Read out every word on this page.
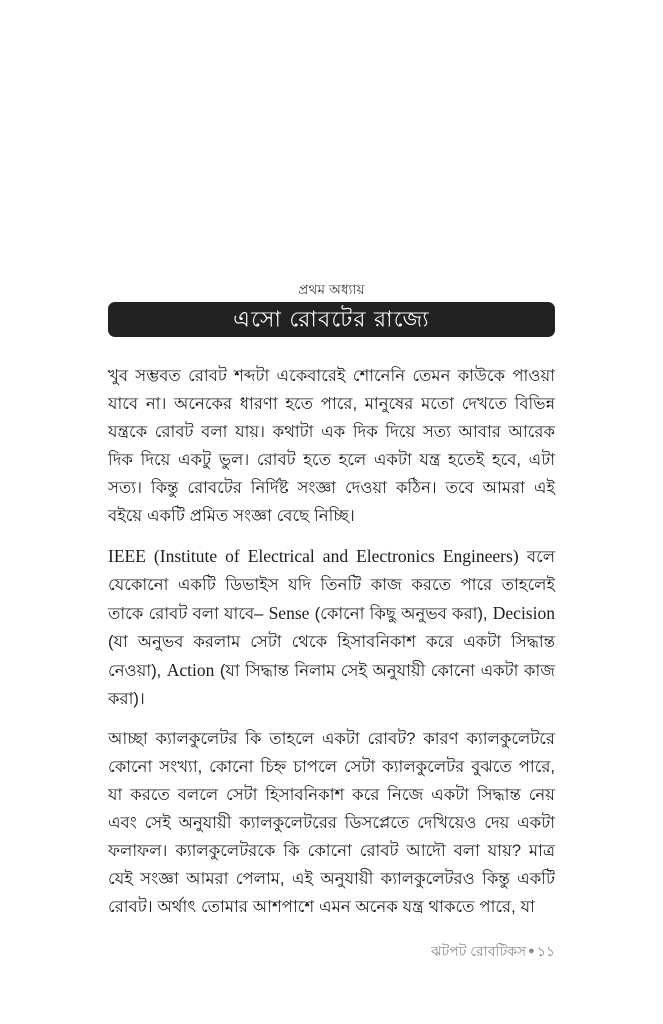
প্রথম অধ্যায়
এসো রোবটের রাজ্যে

খুব সম্ভবত রোবট শব্দটা একেবারেই শোনেনি তেমন কাউকে পাওয়া যাবে না। অনেকের ধারণা হতে পারে, মানুষের মতো দেখতে বিভিন্ন যন্ত্রকে রোবট বলা যায়। কথাটা এক দিক দিয়ে সত্য আবার আরেক দিক দিয়ে একটু ভুল। রোবট হতে হলে একটা যন্ত্র হতেই হবে, এটা সত্য। কিন্তু রোবটের নির্দিষ্ট সংজ্ঞা দেওয়া কঠিন। তবে আমরা এই বইয়ে একটি প্রমিত সংজ্ঞা বেছে নিচ্ছি।

IEEE (Institute of Electrical and Electronics Engineers) বলে যেকোনো একটি ডিভাইস যদি তিনটি কাজ করতে পারে তাহলেই তাকে রোবট বলা যাবে– Sense (কোনো কিছু অনুভব করা), Decision (যা অনুভব করলাম সেটা থেকে হিসাবনিকাশ করে একটা সিদ্ধান্ত নেওয়া), Action (যা সিদ্ধান্ত নিলাম সেই অনুযায়ী কোনো একটা কাজ করা)।

আচ্ছা ক্যালকুলেটর কি তাহলে একটা রোবট? কারণ ক্যালকুলেটরে কোনো সংখ্যা, কোনো চিহ্ন চাপলে সেটা ক্যালকুলেটর বুঝতে পারে, যা করতে বললে সেটা হিসাবনিকাশ করে নিজে একটা সিদ্ধান্ত নেয় এবং সেই অনুযায়ী ক্যালকুলেটরের ডিসপ্লেতে দেখিয়েও দেয় একটা ফলাফল। ক্যালকুলেটরকে কি কোনো রোবট আদৌ বলা যায়? মাত্র যেই সংজ্ঞা আমরা পেলাম, এই অনুযায়ী ক্যালকুলেটরও কিন্তু একটি রোবট। অর্থাৎ তোমার আশপাশে এমন অনেক যন্ত্র থাকতে পারে, যা

ঝটপট রোবটিকস ● ১১
